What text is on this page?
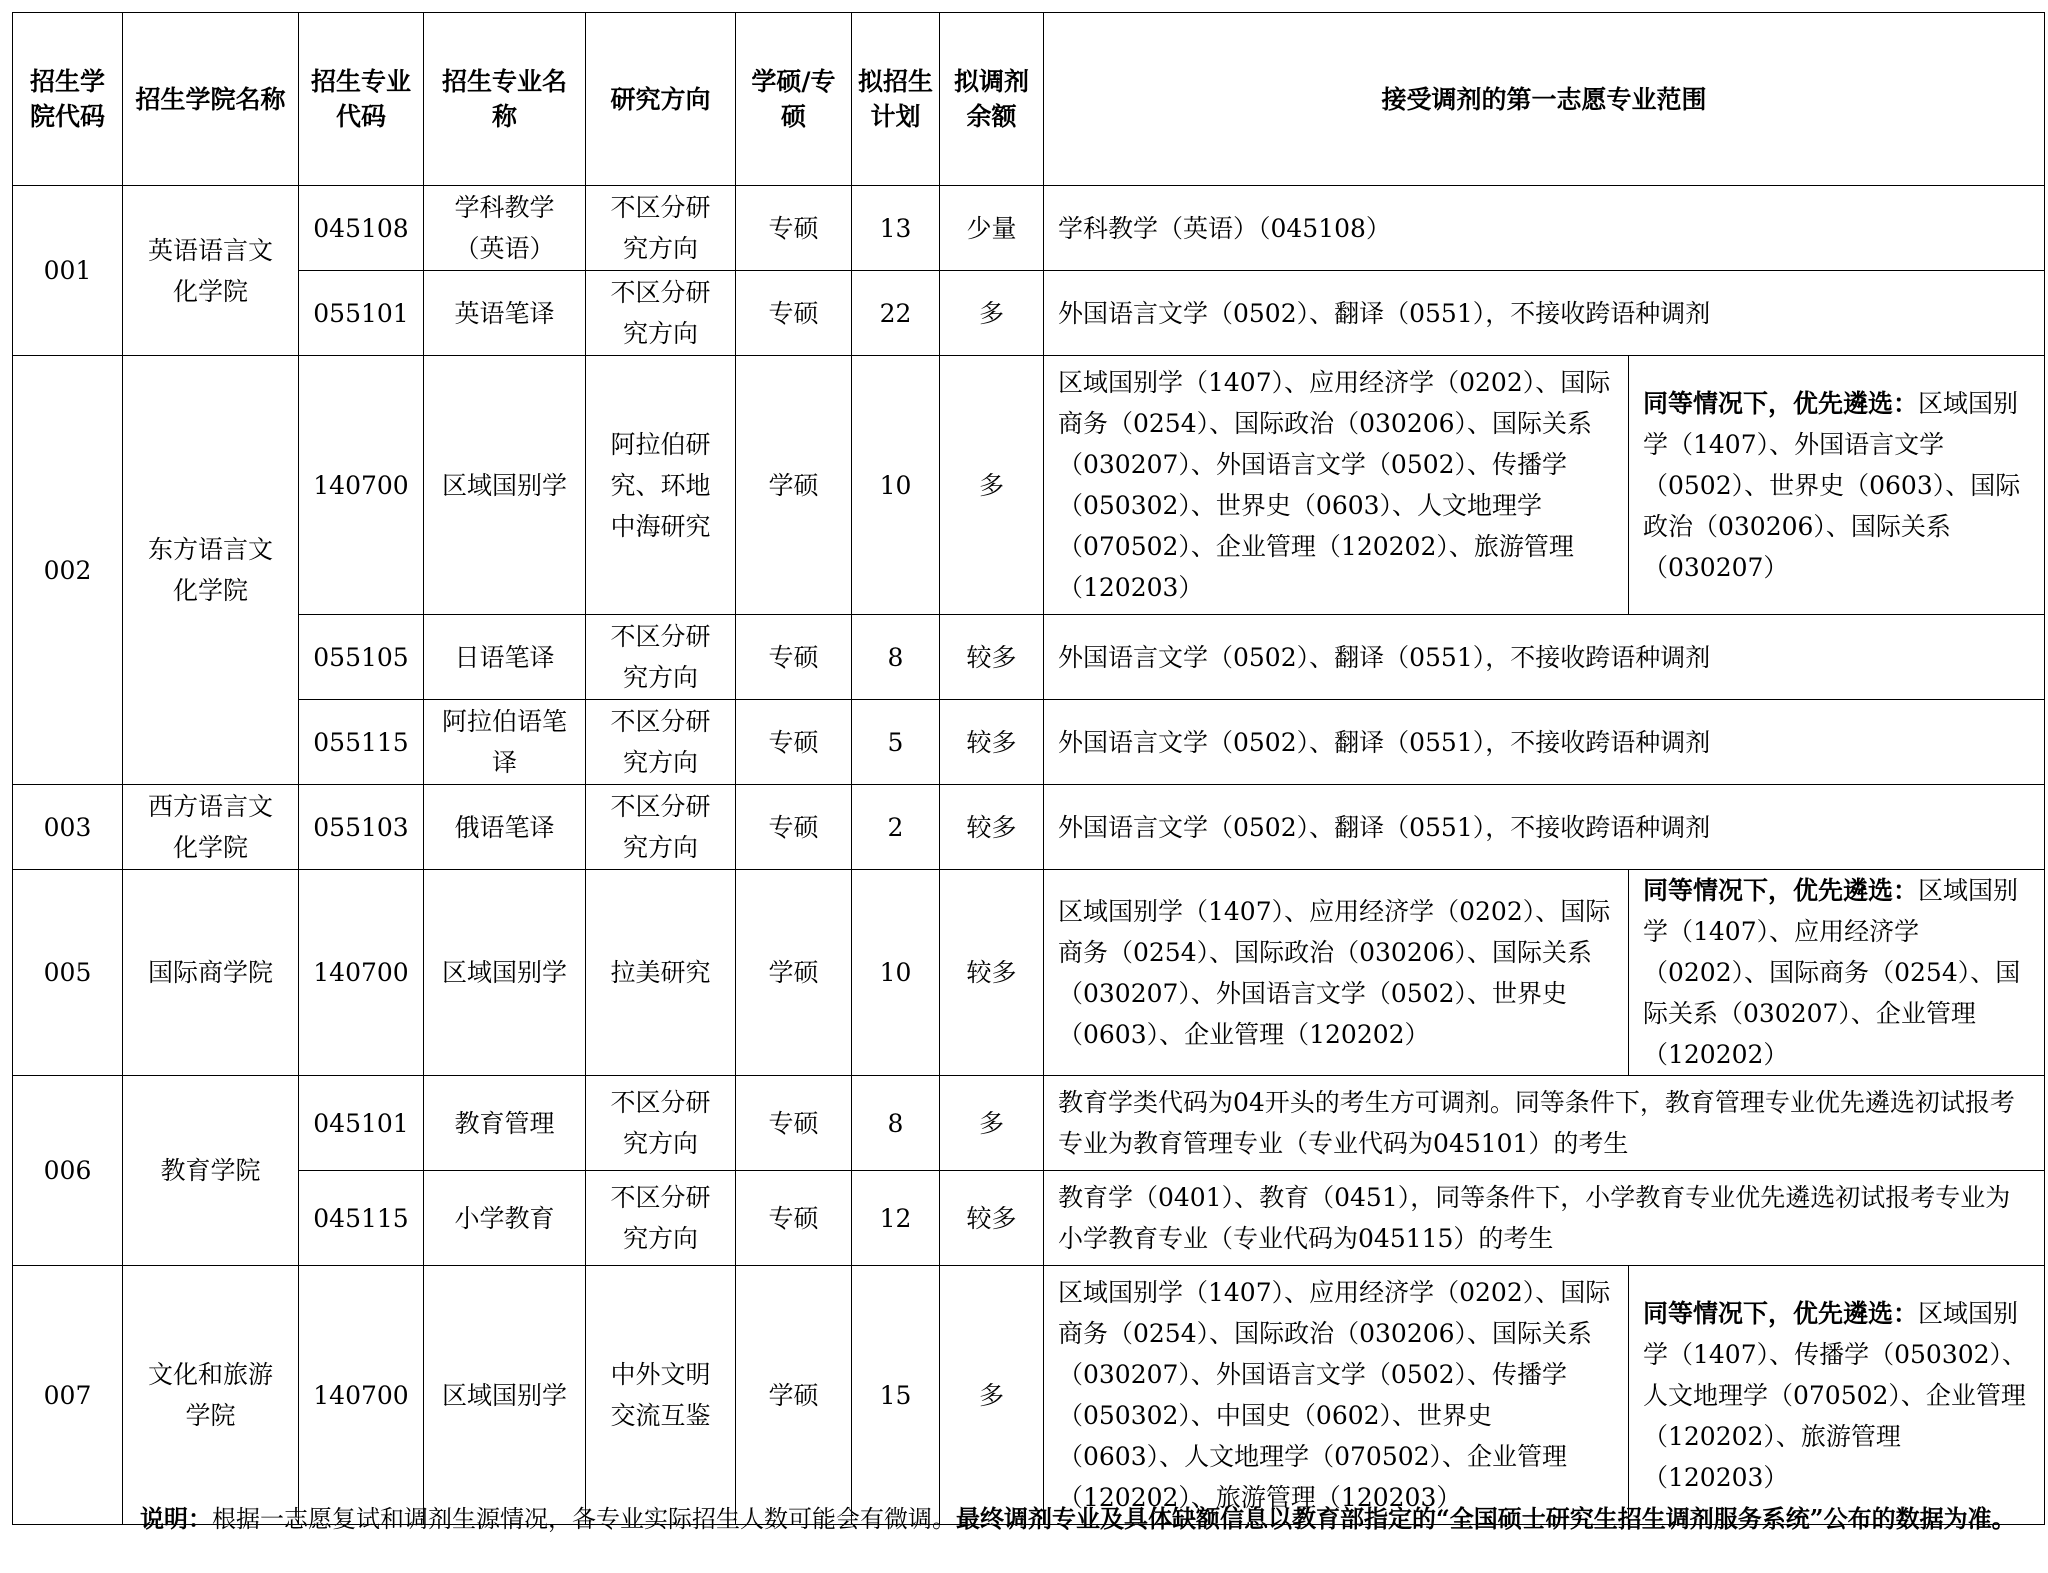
招生学院代码	招生学院名称	招生专业代码	招生专业名称	研究方向	学硕/专硕	拟招生计划	拟调剂余额	接受调剂的第一志愿专业范围	
001	英语语言文化学院	045108	学科教学（英语）	不区分研究方向	专硕	13	少量	学科教学（英语）（045108）	
		055101	英语笔译	不区分研究方向	专硕	22	多	外国语言文学（0502）、翻译（0551），不接收跨语种调剂	
002	东方语言文化学院	140700	区域国别学	阿拉伯研究、环地中海研究	学硕	10	多	区域国别学（1407）、应用经济学（0202）、国际商务（0254）、国际政治（030206）、国际关系（030207）、外国语言文学（0502）、传播学（050302）、世界史（0603）、人文地理学（070502）、企业管理（120202）、旅游管理（120203）	同等情况下，优先遴选：区域国别学（1407）、外国语言文学（0502）、世界史（0603）、国际政治（030206）、国际关系（030207）
		055105	日语笔译	不区分研究方向	专硕	8	较多	外国语言文学（0502）、翻译（0551），不接收跨语种调剂	
		055115	阿拉伯语笔译	不区分研究方向	专硕	5	较多	外国语言文学（0502）、翻译（0551），不接收跨语种调剂	
003	西方语言文化学院	055103	俄语笔译	不区分研究方向	专硕	2	较多	外国语言文学（0502）、翻译（0551），不接收跨语种调剂	
005	国际商学院	140700	区域国别学	拉美研究	学硕	10	较多	区域国别学（1407）、应用经济学（0202）、国际商务（0254）、国际政治（030206）、国际关系（030207）、外国语言文学（0502）、世界史（0603）、企业管理（120202）	同等情况下，优先遴选：区域国别学（1407）、应用经济学（0202）、国际商务（0254）、国际关系（030207）、企业管理（120202）
006	教育学院	045101	教育管理	不区分研究方向	专硕	8	多	教育学类代码为04开头的考生方可调剂。同等条件下，教育管理专业优先遴选初试报考专业为教育管理专业（专业代码为045101）的考生	
		045115	小学教育	不区分研究方向	专硕	12	较多	教育学（0401）、教育（0451），同等条件下，小学教育专业优先遴选初试报考专业为小学教育专业（专业代码为045115）的考生	
007	文化和旅游学院	140700	区域国别学	中外文明交流互鉴	学硕	15	多	区域国别学（1407）、应用经济学（0202）、国际商务（0254）、国际政治（030206）、国际关系（030207）、外国语言文学（0502）、传播学（050302）、中国史（0602）、世界史（0603）、人文地理学（070502）、企业管理（120202）、旅游管理（120203）	同等情况下，优先遴选：区域国别学（1407）、传播学（050302）、人文地理学（070502）、企业管理（120202）、旅游管理（120203）
说明：根据一志愿复试和调剂生源情况，各专业实际招生人数可能会有微调。最终调剂专业及具体缺额信息以教育部指定的“全国硕士研究生招生调剂服务系统”公布的数据为准。
